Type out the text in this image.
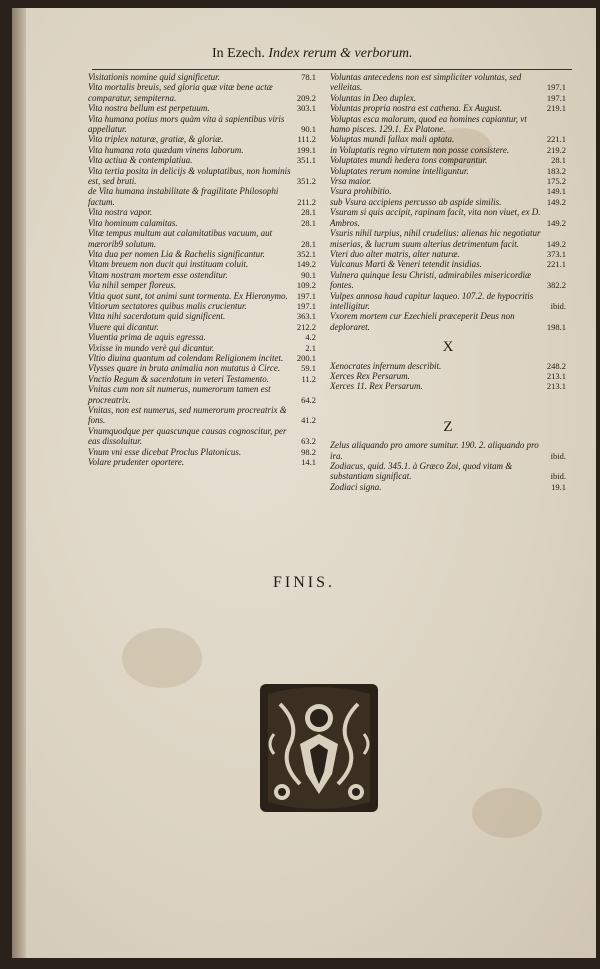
In Ezech. Index rerum & verborum.
Visitationis nomine quid significetur.	78.1
Vita mortalis breuis, sed gloria quæ vitæ bene actæ comparatur, sempiterna.	209.2
Vita nostra bellum est perpetuum.	303.1
Vita humana potius mors quàm vita à sapientibus viris appellatur.	90.1
Vita triplex naturæ, gratiæ, & gloriæ.	111.2
Vita humana rota quædam vinens laborum.	199.1
Vita actiua & contemplatiua.	351.1
Vita tertia posita in delicijs & voluptatibus, non hominis est, sed bruti.	351.2
de Vita humana instabilitate & fragilitate Philosophi factum.	211.2
Vita nostra vapor.	28.1
Vita hominum calamitas.	28.1
Vitæ tempus multum aut calamitatibus vacuum, aut mærorib9 solutum.	28.1
Vita dua per nomen Lia & Rachelis significantur.	352.1
Vitam breuem non ducit qui instituam coluit.	149.2
Vitam nostram mortem esse ostenditur.	90.1
Via nihil semper floreus.	109.2
Vitia quot sunt, tot animi sunt tormenta. Ex Hieronymo.	197.1
Vitiorum sectatores quibus malis crucientur.	197.1
Vitta nihi sacerdotum quid significent.	363.1
Viuere qui dicantur.	212.2
Viuentia prima de aquis egressa.	4.2
Vixisse in mundo verè qui dicantur.	2.1
Vltio diuina quantum ad colendam Religionem incitet.	200.1
Vlysses quare in bruta animalia non mutatus à Circe.	59.1
Vnctio Regum & sacerdotum in veteri Testamento.	11.2
Vnitas cum non sit numerus, numerorum tamen est procreatrix.	64.2
Vnitas, non est numerus, sed numerorum procreatrix & fons.	41.2
Vnumquodque per quascunque causas cognoscitur, per eas dissoluitur.	63.2
Vnum vni esse dicebat Proclus Platonicus.	98.2
Volare prudenter oportere.	14.1
Voluntas antecedens non est simpliciter voluntas, sed velleitas.	197.1
Voluntas in Deo duplex.	197.1
Voluntas propria nostra est cathena. Ex August.	219.1
Voluptas esca malorum, quod ea homines capiantur, vt hamo pisces. 129.1. Ex Platone.
Voluptas mundi fallax mali aptata.	221.1
in Voluptatis regno virtutem non posse consistere.	219.2
Voluptates mundi hedera tons comparantur.	28.1
Voluptates rerum nomine intelliguntur.	183.2
Vrsa maior.	175.2
Vsura prohibitio.	149.1
sub Vsura accipiens percusso ab aspide similis.	149.2
Vsuram si quis accipit, rapinam facit, vita non viuet, ex D. Ambros.	149.2
Vsuris nihil turpius, nihil crudelius: alienas hic negotiatur miserias, & lucrum suum alterius detrimentum facit.	149.2
Vteri duo alter matris, alter naturæ.	373.1
Vulcanus Marti & Veneri tetendit insidias.	221.1
Vulnera quinque Iesu Christi, admirabiles misericordiæ fontes.	382.2
Vulpes annosa haud capitur laqueo. 107.2. de hypocritis intelligitur.	ibid.
Vxorem mortem cur Ezechieli præceperit Deus non deploraret.	198.1
X
Xenocrates infernum describit.	248.2
Xerces Rex Persarum.	213.1
Xerces 11. Rex Persarum.	213.1
Z
Zelus aliquando pro amore sumitur. 190. 2. aliquando pro ira.	ibid.
Zodiacus, quid. 345.1. à Græco Zoi, quod vitam & substantiam significat.	ibid.
Zodiaci signa.	19.1
FINIS.
